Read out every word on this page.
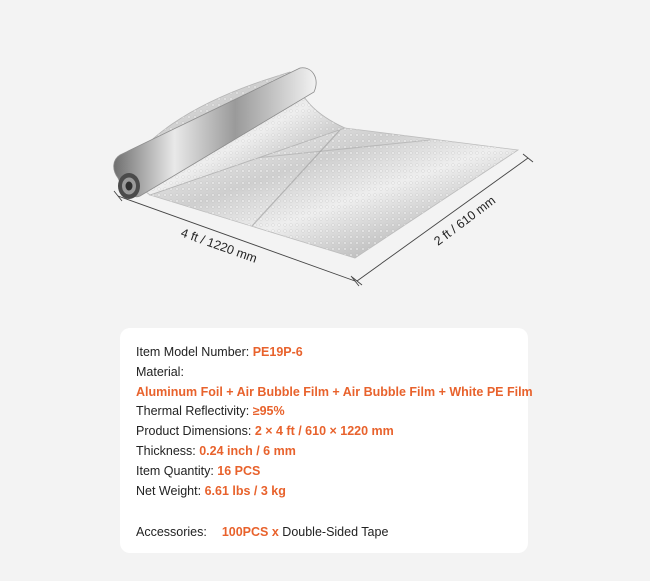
4 ft / 1220 mm	2 ft / 610 mm
Item Model Number: PE19P-6
Material:
Aluminum Foil + Air Bubble Film + Air Bubble Film + White PE Film
Thermal Reflectivity: ≥95%
Product Dimensions: 2 × 4 ft / 610 × 1220 mm
Thickness: 0.24 inch / 6 mm
Item Quantity: 16 PCS
Net Weight: 6.61 lbs / 3 kg
Accessories: 100PCS x Double-Sided Tape
